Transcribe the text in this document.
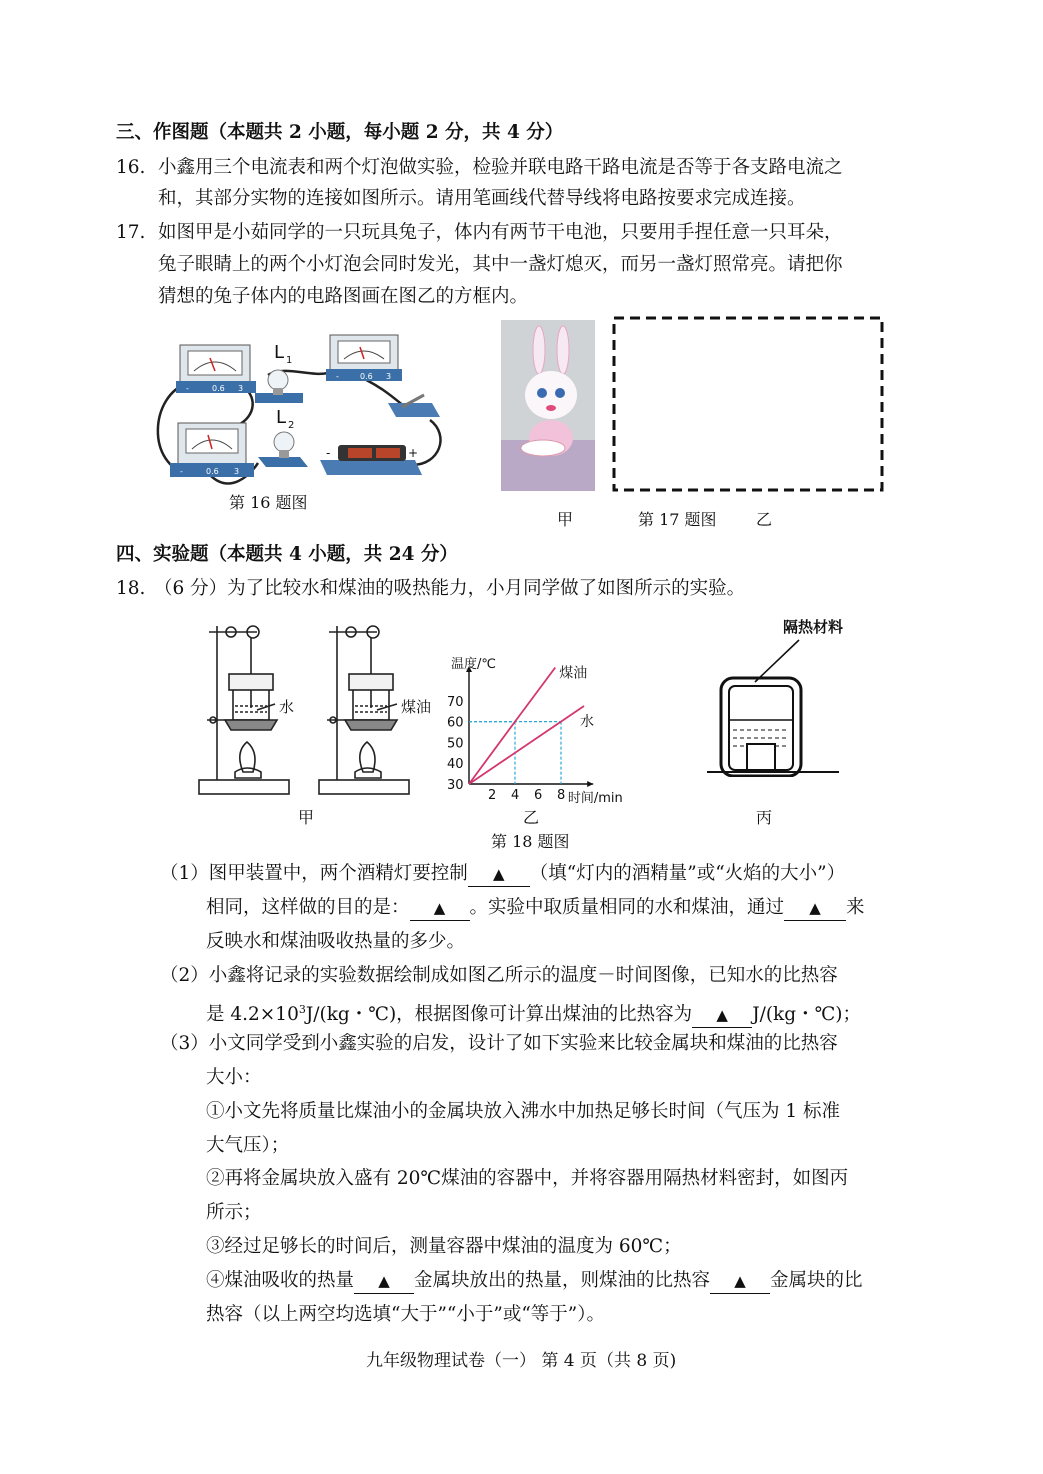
三、作图题（本题共 2 小题，每小题 2 分，共 4 分）
16. 小鑫用三个电流表和两个灯泡做实验，检验并联电路干路电流是否等于各支路电流之
和，其部分实物的连接如图所示。请用笔画线代替导线将电路按要求完成连接。
17. 如图甲是小茹同学的一只玩具兔子，体内有两节干电池，只要用手捏任意一只耳朵，
兔子眼睛上的两个小灯泡会同时发光，其中一盏灯熄灭，而另一盏灯照常亮。请把你
猜想的兔子体内的电路图画在图乙的方框内。
-	0.6 3
L 1
-	0.6 3
-	0.6 3
L 2
-	+
第 16 题图
甲	第 17 题图 乙
四、实验题（本题共 4 小题，共 24 分）
18. （6 分）为了比较水和煤油的吸热能力，小月同学做了如图所示的实验。
水	煤油
甲
煤油
水
2 4 6 8
30
40
50
60
70
温度/℃
时间/min
乙
隔热材料
丙
第 18 题图
（1）图甲装置中，两个酒精灯要控制 ▲ （填“灯内的酒精量”或“火焰的大小”）
相同，这样做的目的是： ▲ 。实验中取质量相同的水和煤油，通过 ▲ 来
反映水和煤油吸收热量的多少。
（2）小鑫将记录的实验数据绘制成如图乙所示的温度－时间图像，已知水的比热容
是 $4.2\times 10^3J/(kg$・℃)，根据图像可计算出煤油的比热容为 ▲ J/(kg・℃)；
（3）小文同学受到小鑫实验的启发，设计了如下实验来比较金属块和煤油的比热容
大小：
①小文先将质量比煤油小的金属块放入沸水中加热足够长时间（气压为 1 标准
大气压）；
②再将金属块放入盛有 20℃煤油的容器中，并将容器用隔热材料密封，如图丙
所示；
③经过足够长的时间后，测量容器中煤油的温度为 60℃；
④煤油吸收的热量 ▲ 金属块放出的热量，则煤油的比热容 ▲ 金属块的比
热容（以上两空均选填“大于”“小于”或“等于”）。
九年级物理试卷（一） 第 4 页（共 8 页)
